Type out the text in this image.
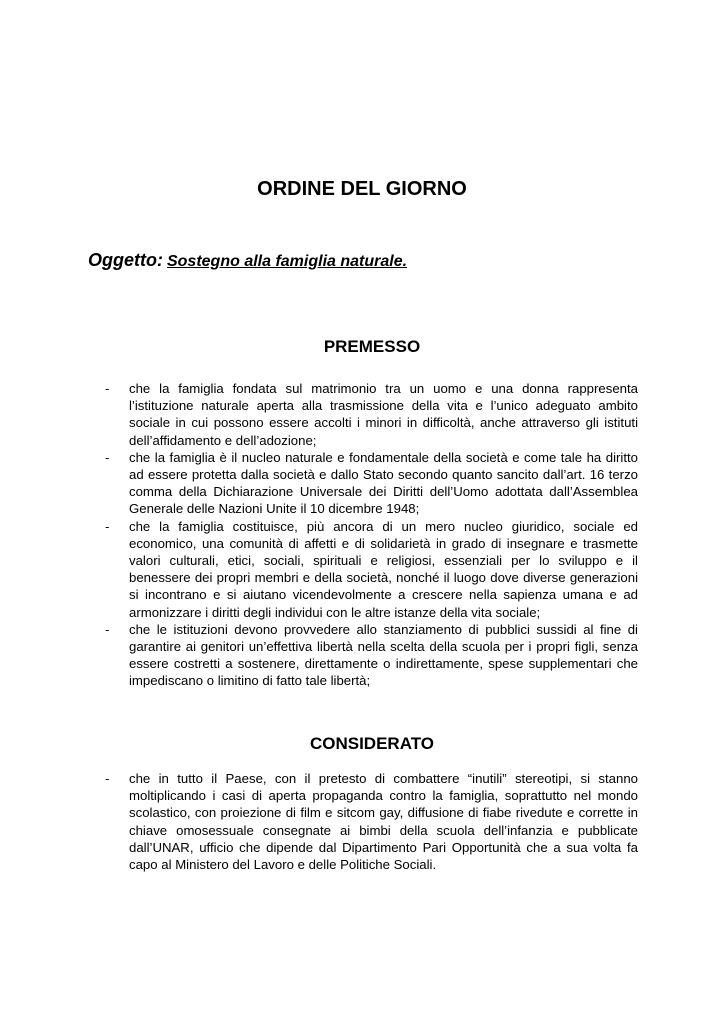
ORDINE DEL GIORNO

Oggetto: Sostegno alla famiglia naturale.

PREMESSO
- che la famiglia fondata sul matrimonio tra un uomo e una donna rappresenta l’istituzione naturale aperta alla trasmissione della vita e l’unico adeguato ambito sociale in cui possono essere accolti i minori in difficoltà, anche attraverso gli istituti dell’affidamento e dell’adozione;
- che la famiglia è il nucleo naturale e fondamentale della società e come tale ha diritto ad essere protetta dalla società e dallo Stato secondo quanto sancito dall’art. 16 terzo comma della Dichiarazione Universale dei Diritti dell’Uomo adottata dall’Assemblea Generale delle Nazioni Unite il 10 dicembre 1948;
- che la famiglia costituisce, più ancora di un mero nucleo giuridico, sociale ed economico, una comunità di affetti e di solidarietà in grado di insegnare e trasmette valori culturali, etici, sociali, spirituali e religiosi, essenziali per lo sviluppo e il benessere dei propri membri e della società, nonché il luogo dove diverse generazioni si incontrano e si aiutano vicendevolmente a crescere nella sapienza umana e ad armonizzare i diritti degli individui con le altre istanze della vita sociale;
- che le istituzioni devono provvedere allo stanziamento di pubblici sussidi al fine di garantire ai genitori un’effettiva libertà nella scelta della scuola per i propri figli, senza essere costretti a sostenere, direttamente o indirettamente, spese supplementari che impediscano o limitino di fatto tale libertà;
CONSIDERATO
- che in tutto il Paese, con il pretesto di combattere “inutili” stereotipi, si stanno moltiplicando i casi di aperta propaganda contro la famiglia, soprattutto nel mondo scolastico, con proiezione di film e sitcom gay, diffusione di fiabe rivedute e corrette in chiave omosessuale consegnate ai bimbi della scuola dell’infanzia e pubblicate dall’UNAR, ufficio che dipende dal Dipartimento Pari Opportunità che a sua volta fa capo al Ministero del Lavoro e delle Politiche Sociali.
